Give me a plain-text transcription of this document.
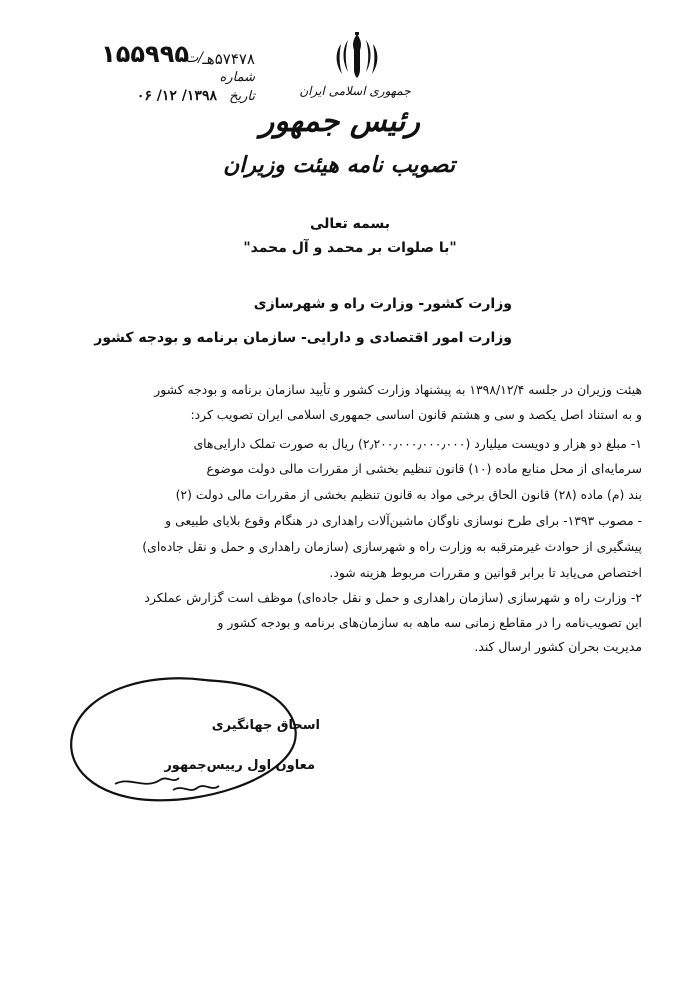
جمهوری اسلامی ایران
رئیس جمهور
تصویب نامه هیئت وزیران
۱۵۵۹۹۵
/ت ۵۷۴۷۸هـ
شماره
تاریخ ۱۳۹۸/ ۱۲/ ۰۶
بسمه تعالی
"با صلوات بر محمد و آل محمد"
وزارت کشور- وزارت راه و شهرسازی
وزارت امور اقتصادی و دارایی- سازمان برنامه و بودجه کشور
هیئت وزیران در جلسه ۱۳۹۸/۱۲/۴ به پیشنهاد وزارت کشور و تأیید سازمان برنامه و بودجه کشور
و به استناد اصل یکصد و سی و هشتم قانون اساسی جمهوری اسلامی ایران تصویب کرد:
۱- مبلغ دو هزار و دویست میلیارد (۲٫۲۰۰٫۰۰۰٫۰۰۰٫۰۰۰) ریال به صورت تملک دارایی‌های
سرمایه‌ای از محل منابع ماده (۱۰) قانون تنظیم بخشی از مقررات مالی دولت موضوع
بند (م) ماده (۲۸) قانون الحاق برخی مواد به قانون تنظیم بخشی از مقررات مالی دولت (۲)
- مصوب ۱۳۹۳- برای طرح نوسازی ناوگان ماشین‌آلات راهداری در هنگام وقوع بلایای طبیعی و
پیشگیری از حوادث غیرمترقبه به وزارت راه و شهرسازی (سازمان راهداری و حمل و نقل جاده‌ای)
اختصاص می‌یابد تا برابر قوانین و مقررات مربوط هزینه شود.
۲- وزارت راه و شهرسازی (سازمان راهداری و حمل و نقل جاده‌ای) موظف است گزارش عملکرد
این تصویب‌نامه را در مقاطع زمانی سه ماهه به سازمان‌های برنامه و بودجه کشور و
مدیریت بحران کشور ارسال کند.
اسحاق جهانگیری
معاون اول رییس‌جمهور
